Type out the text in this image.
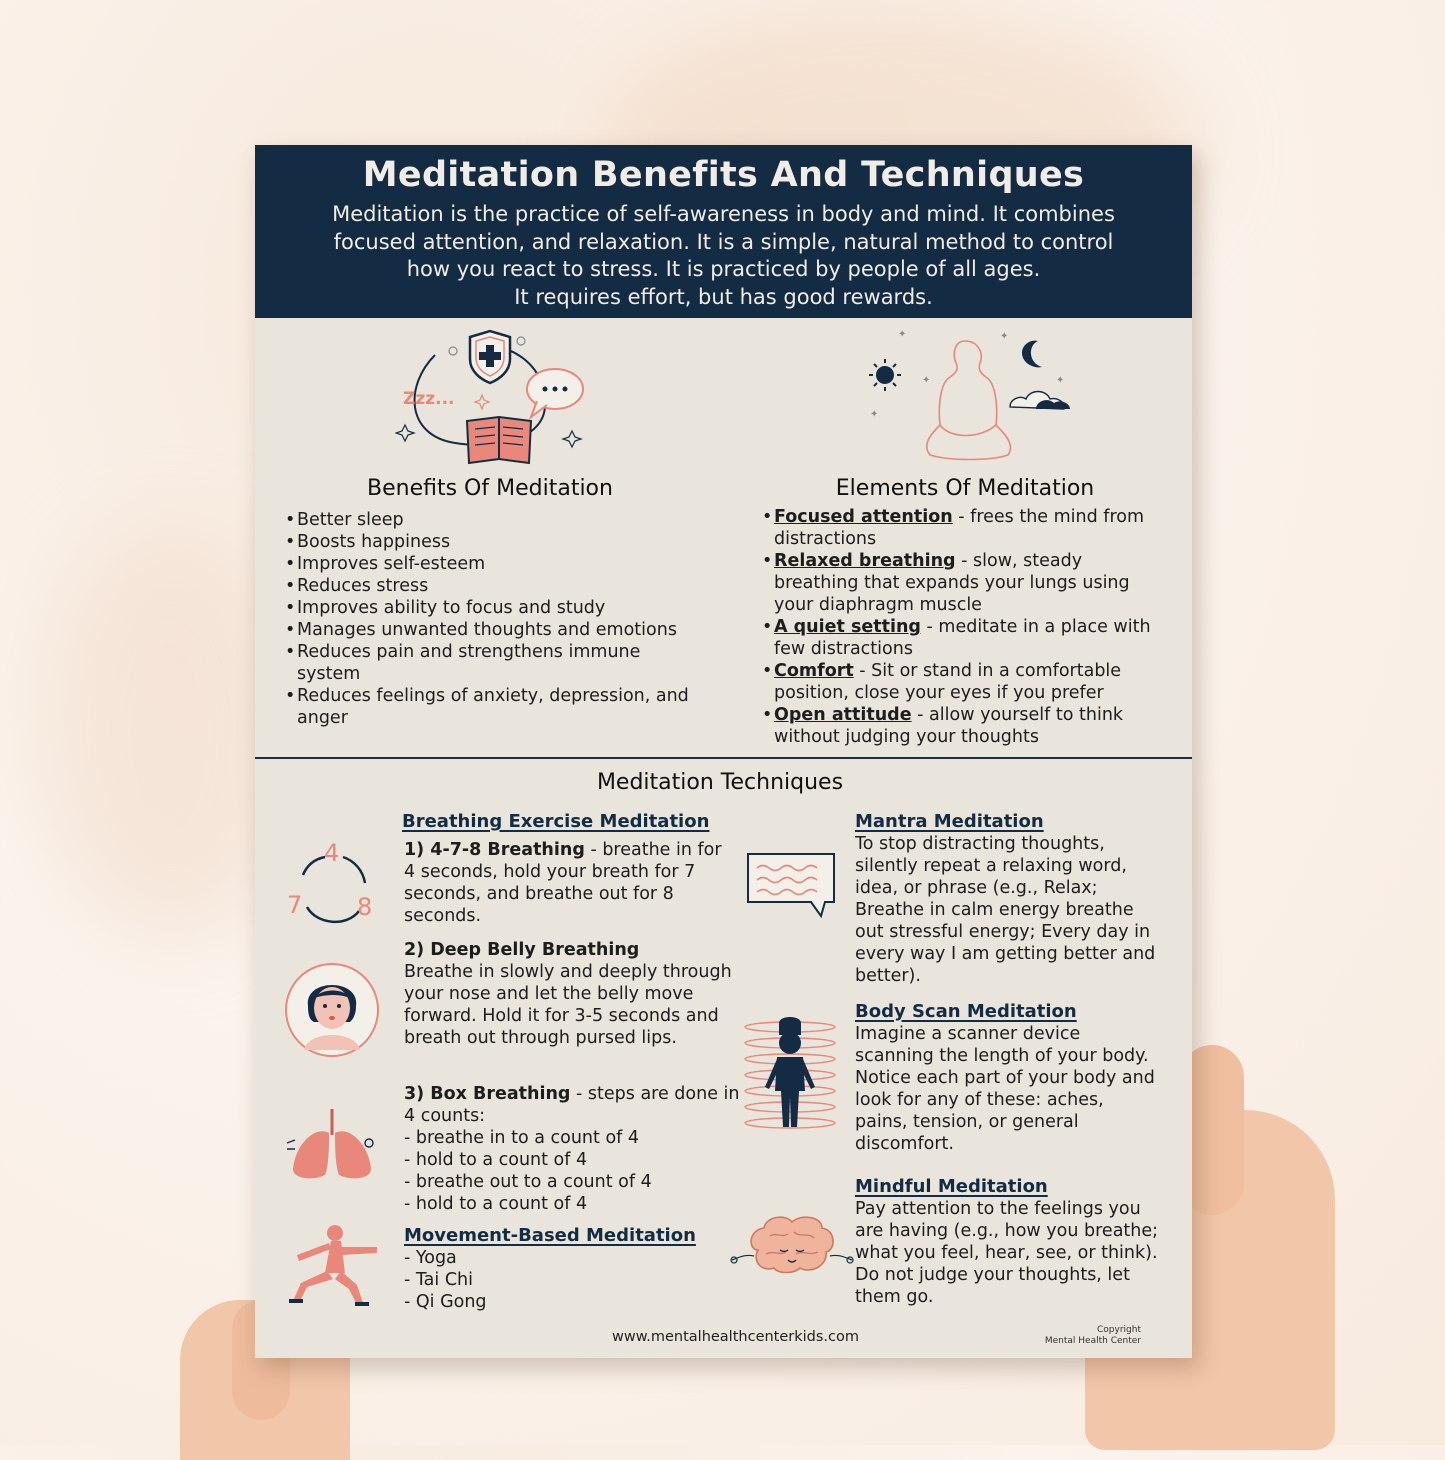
Meditation Benefits And Techniques
Meditation is the practice of self-awareness in body and mind. It combines
focused attention, and relaxation. It is a simple, natural method to control
how you react to stress. It is practiced by people of all ages.
It requires effort, but has good rewards.
Zzz...
✦	✦
✦
✦
✦
Benefits Of Meditation
• Better sleep
• Boosts happiness
• Improves self-esteem
• Reduces stress
• Improves ability to focus and study
• Manages unwanted thoughts and emotions
• Reduces pain and strengthens immune system
• Reduces feelings of anxiety, depression, and anger
Elements Of Meditation
• Focused attention - frees the mind from distractions
• Relaxed breathing - slow, steady breathing that expands your lungs using your diaphragm muscle
• A quiet setting - meditate in a place with few distractions
• Comfort - Sit or stand in a comfortable position, close your eyes if you prefer
• Open attitude - allow yourself to think without judging your thoughts
Meditation Techniques
4
7 8
Breathing Exercise Meditation
1) 4-7-8 Breathing - breathe in for 4 seconds, hold your breath for 7 seconds, and breathe out for 8 seconds.
2) Deep Belly Breathing
Breathe in slowly and deeply through your nose and let the belly move forward. Hold it for 3-5 seconds and breath out through pursed lips.
3) Box Breathing - steps are done in 4 counts:
- breathe in to a count of 4
- hold to a count of 4
- breathe out to a count of 4
- hold to a count of 4
Movement-Based Meditation
- Yoga
- Tai Chi
- Qi Gong
Mantra Meditation
To stop distracting thoughts, silently repeat a relaxing word, idea, or phrase (e.g., Relax; Breathe in calm energy breathe out stressful energy; Every day in every way I am getting better and better).
Body Scan Meditation
Imagine a scanner device scanning the length of your body. Notice each part of your body and look for any of these: aches, pains, tension, or general discomfort.
Mindful Meditation
Pay attention to the feelings you are having (e.g., how you breathe; what you feel, hear, see, or think). Do not judge your thoughts, let them go.
www.mentalhealthcenterkids.com	Copyright
Mental Health Center
